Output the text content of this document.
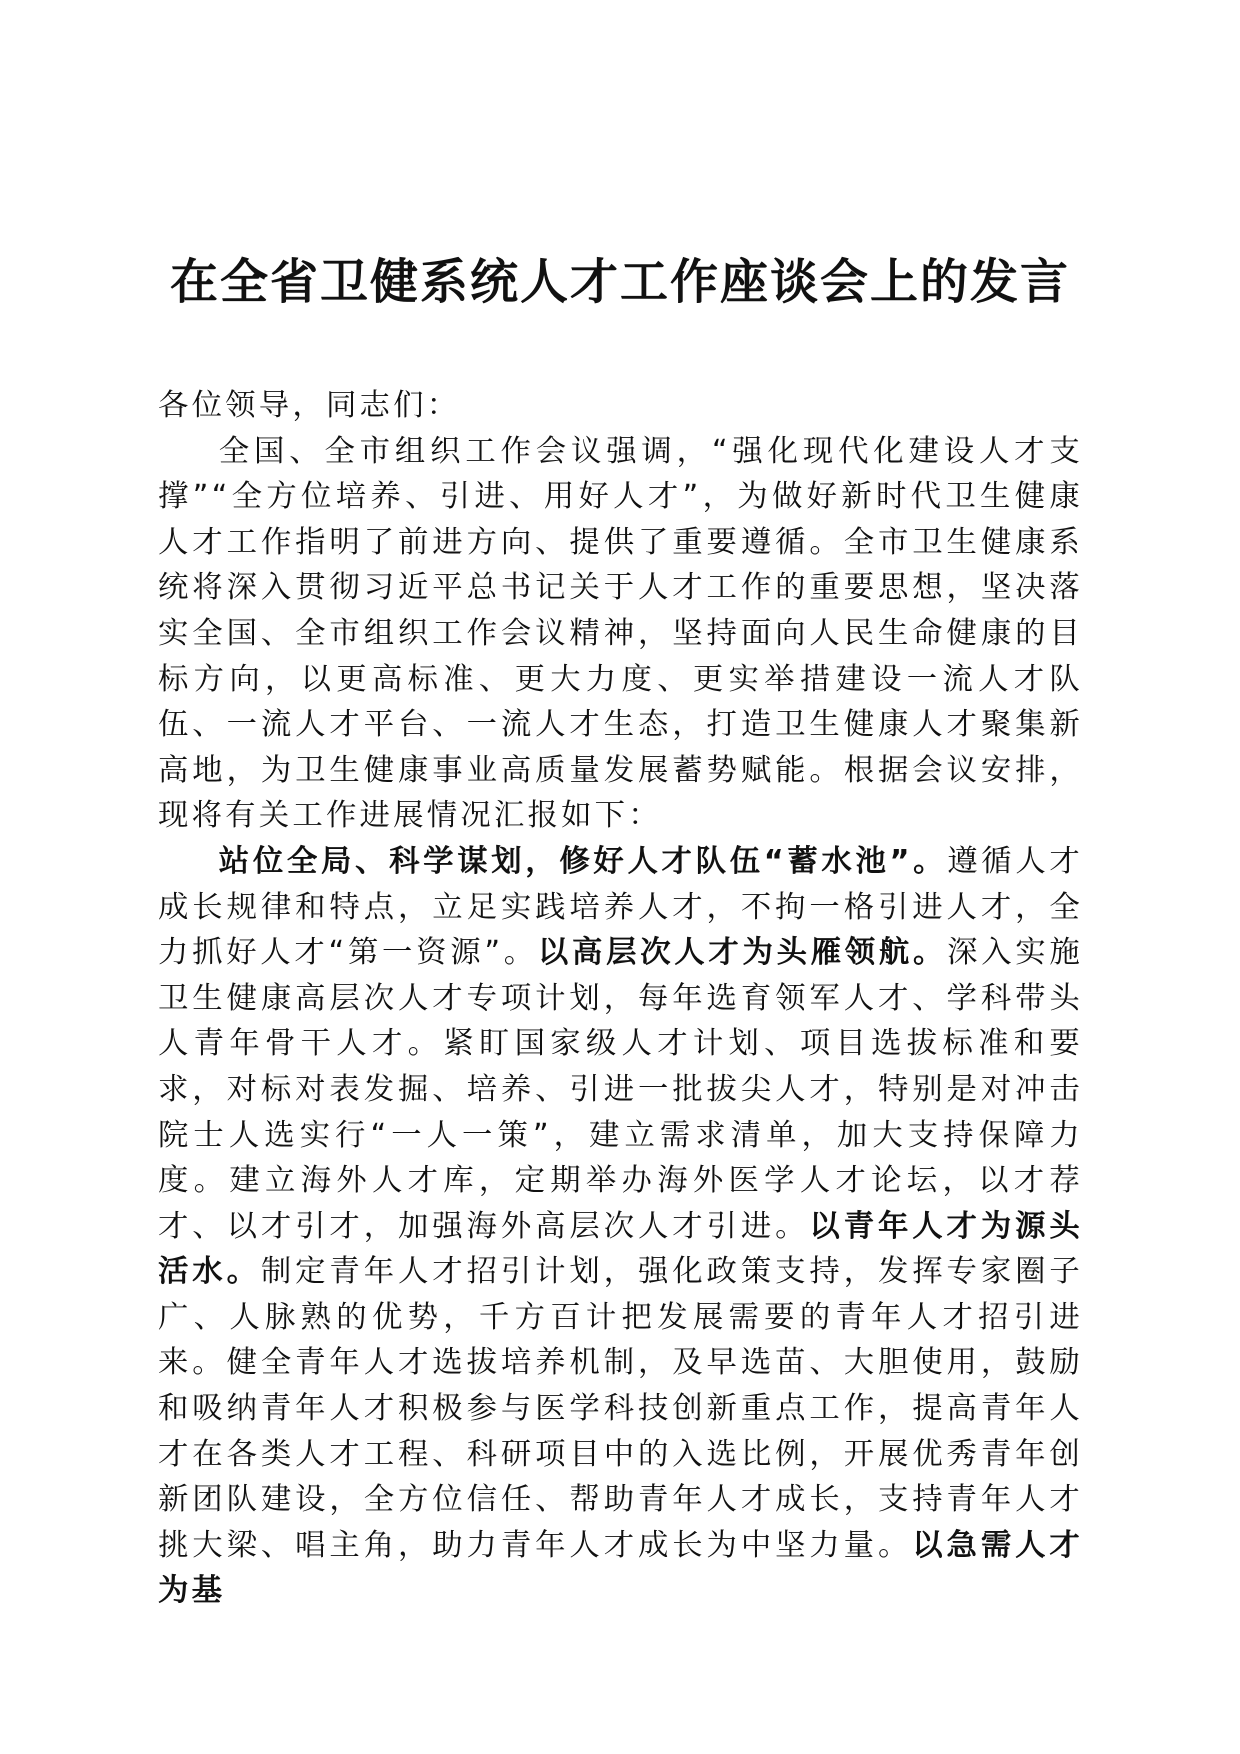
在全省卫健系统人才工作座谈会上的发言

各位领导，同志们：

全国、全市组织工作会议强调，“强化现代化建设人才支撑”“全方位培养、引进、用好人才”，为做好新时代卫生健康人才工作指明了前进方向、提供了重要遵循。全市卫生健康系统将深入贯彻习近平总书记关于人才工作的重要思想，坚决落实全国、全市组织工作会议精神，坚持面向人民生命健康的目标方向，以更高标准、更大力度、更实举措建设一流人才队伍、一流人才平台、一流人才生态，打造卫生健康人才聚集新高地，为卫生健康事业高质量发展蓄势赋能。根据会议安排，现将有关工作进展情况汇报如下：

站位全局、科学谋划，修好人才队伍“蓄水池”。遵循人才成长规律和特点，立足实践培养人才，不拘一格引进人才，全力抓好人才“第一资源”。以高层次人才为头雁领航。深入实施卫生健康高层次人才专项计划，每年选育领军人才、学科带头人青年骨干人才。紧盯国家级人才计划、项目选拔标准和要求，对标对表发掘、培养、引进一批拔尖人才，特别是对冲击院士人选实行“一人一策”，建立需求清单，加大支持保障力度。建立海外人才库，定期举办海外医学人才论坛，以才荐才、以才引才，加强海外高层次人才引进。以青年人才为源头活水。制定青年人才招引计划，强化政策支持，发挥专家圈子广、人脉熟的优势，千方百计把发展需要的青年人才招引进来。健全青年人才选拔培养机制，及早选苗、大胆使用，鼓励和吸纳青年人才积极参与医学科技创新重点工作，提高青年人才在各类人才工程、科研项目中的入选比例，开展优秀青年创新团队建设，全方位信任、帮助青年人才成长，支持青年人才挑大梁、唱主角，助力青年人才成长为中坚力量。以急需人才为基
